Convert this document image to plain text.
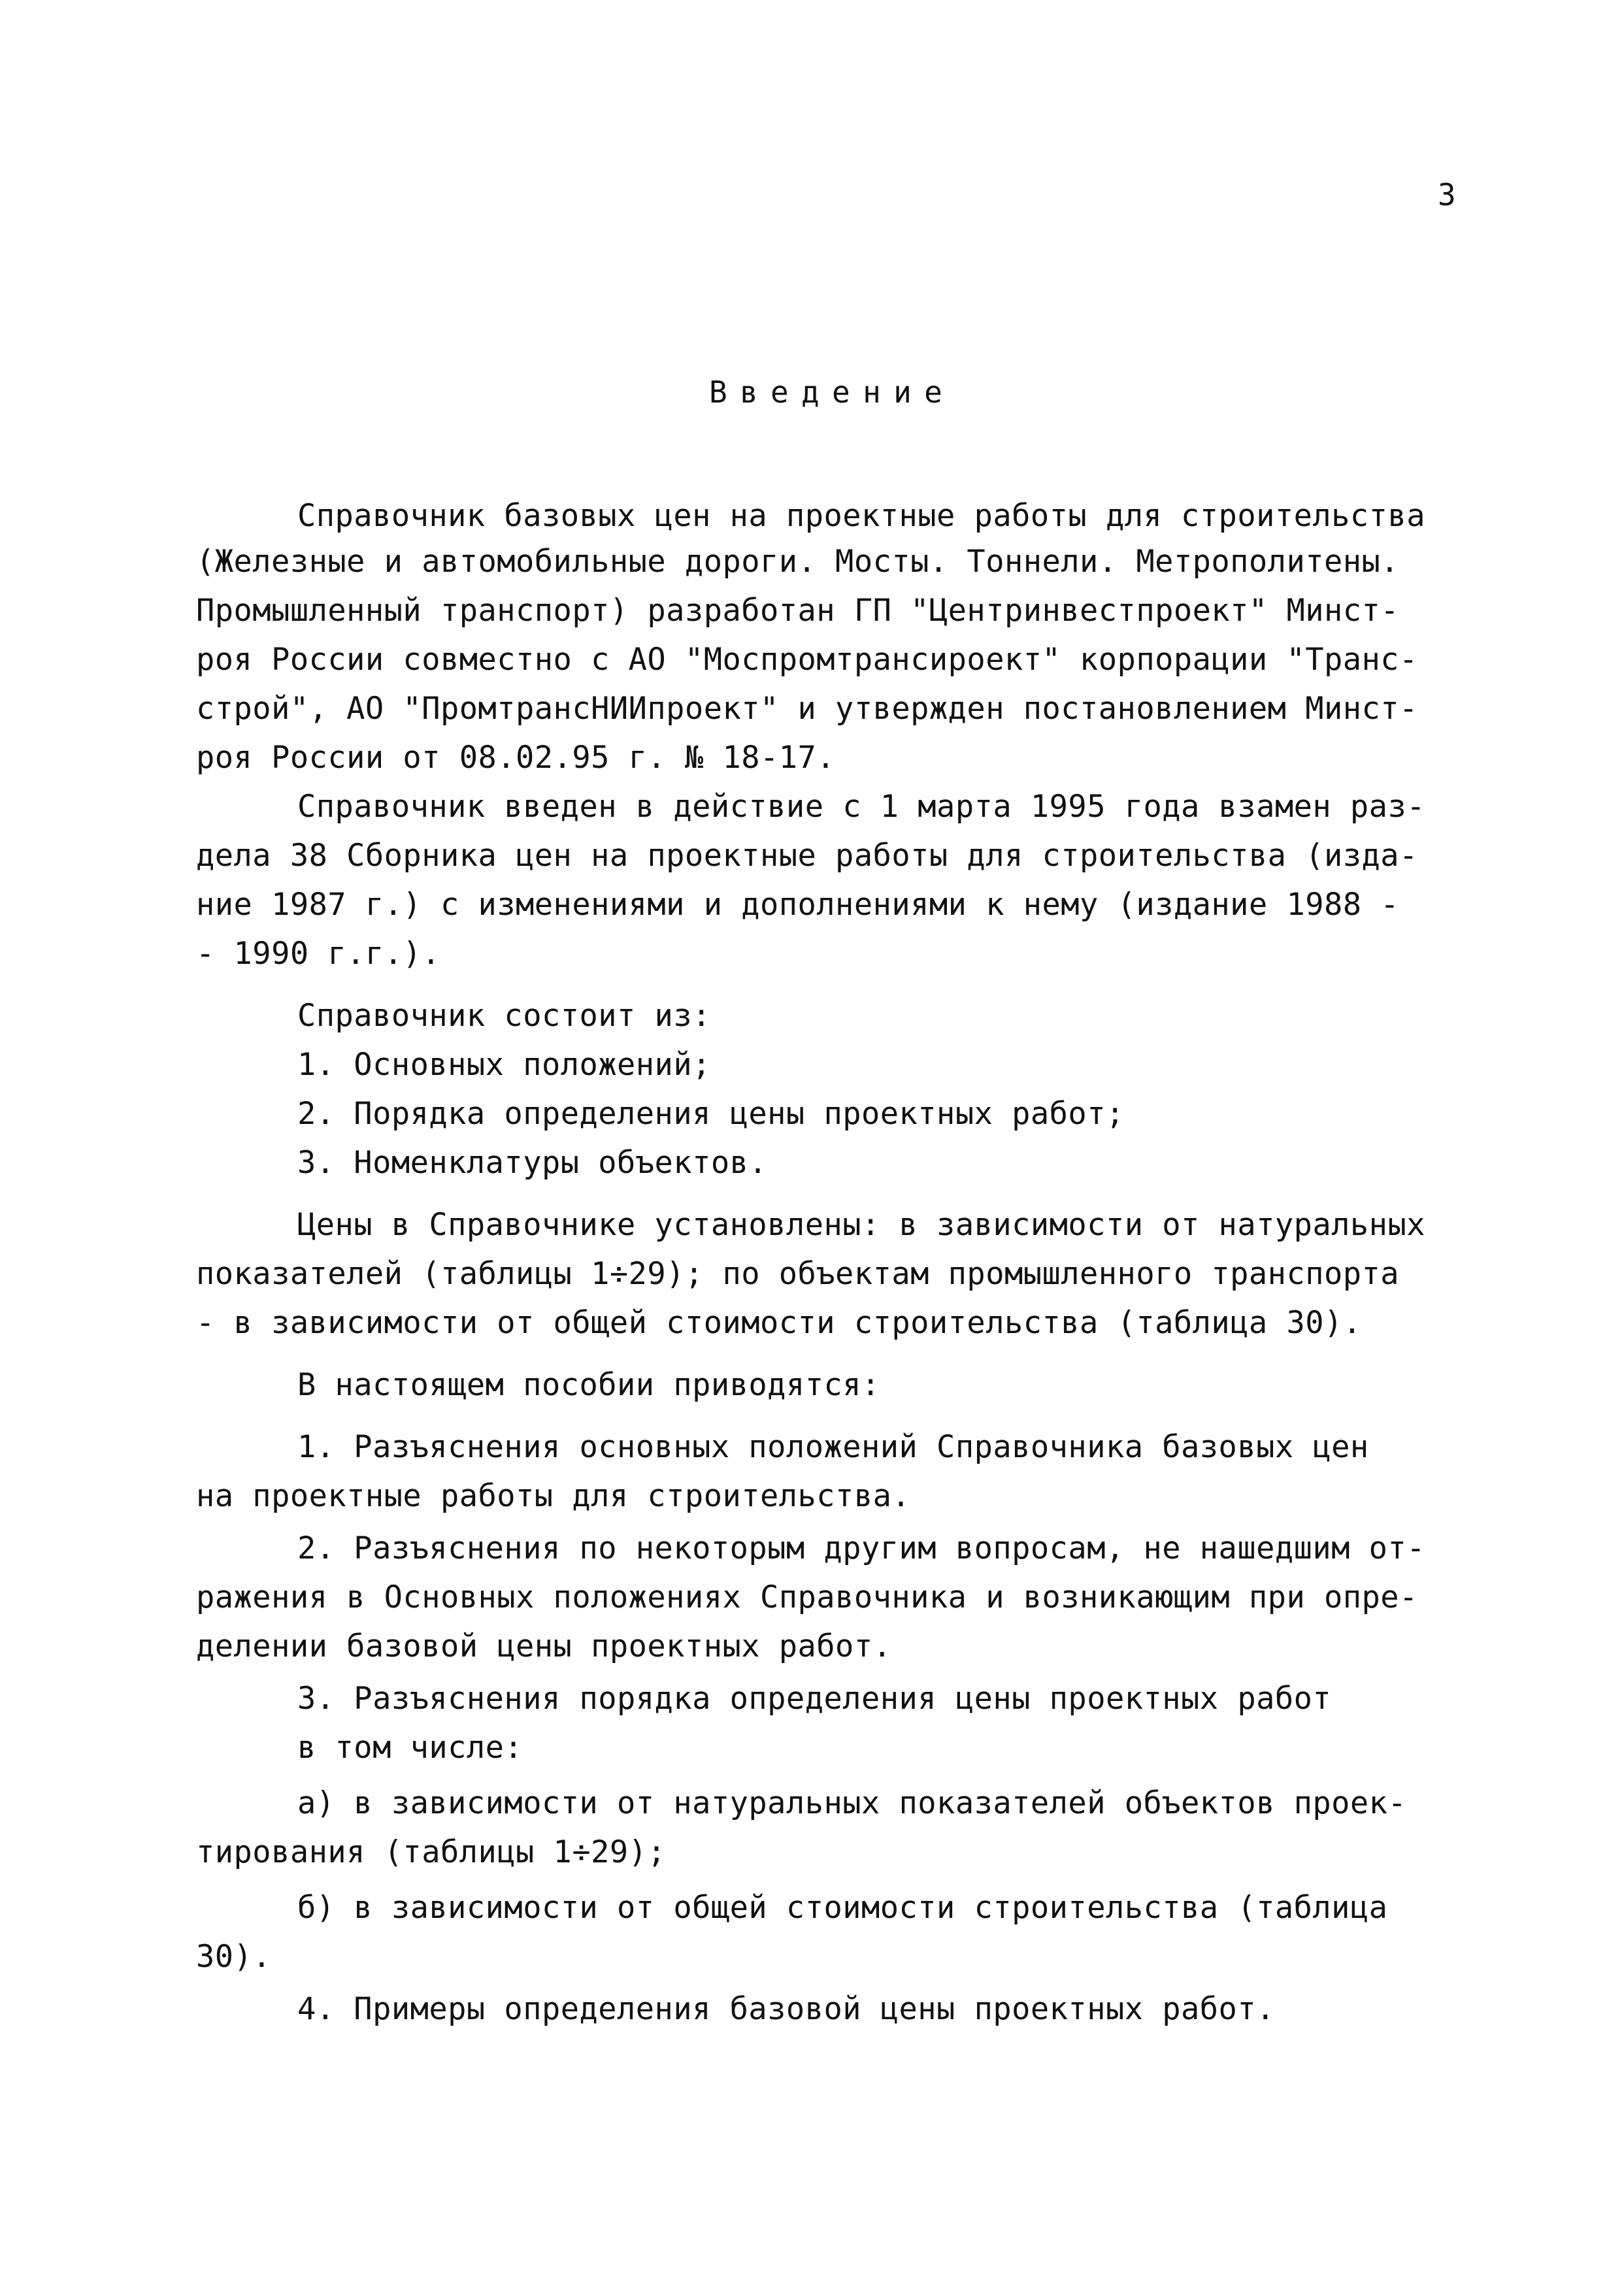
3
Введение
Справочник базовых цен на проектные работы для строительства
(Железные и автомобильные дороги. Мосты. Тоннели. Метрополитены.
Промышленный транспорт) разработан ГП "Центринвестпроект" Минст-
роя России совместно с АО "Моспромтрансироект" корпорации "Транс-
строй", АО "ПромтрансНИИпроект" и утвержден постановлением Минст-
роя России от 08.02.95 г. № 18-17.
Справочник введен в действие с 1 марта 1995 года взамен раз-
дела 38 Сборника цен на проектные работы для строительства (изда-
ние 1987 г.) с изменениями и дополнениями к нему (издание 1988 -
- 1990 г.г.).
Справочник состоит из:
1. Основных положений;
2. Порядка определения цены проектных работ;
3. Номенклатуры объектов.
Цены в Справочнике установлены: в зависимости от натуральных
показателей (таблицы 1÷29); по объектам промышленного транспорта
- в зависимости от общей стоимости строительства (таблица 30).
В настоящем пособии приводятся:
1. Разъяснения основных положений Справочника базовых цен
на проектные работы для строительства.
2. Разъяснения по некоторым другим вопросам, не нашедшим от-
ражения в Основных положениях Справочника и возникающим при опре-
делении базовой цены проектных работ.
3. Разъяснения порядка определения цены проектных работ
в том числе:
а) в зависимости от натуральных показателей объектов проек-
тирования (таблицы 1÷29);
б) в зависимости от общей стоимости строительства (таблица
30).
4. Примеры определения базовой цены проектных работ.
